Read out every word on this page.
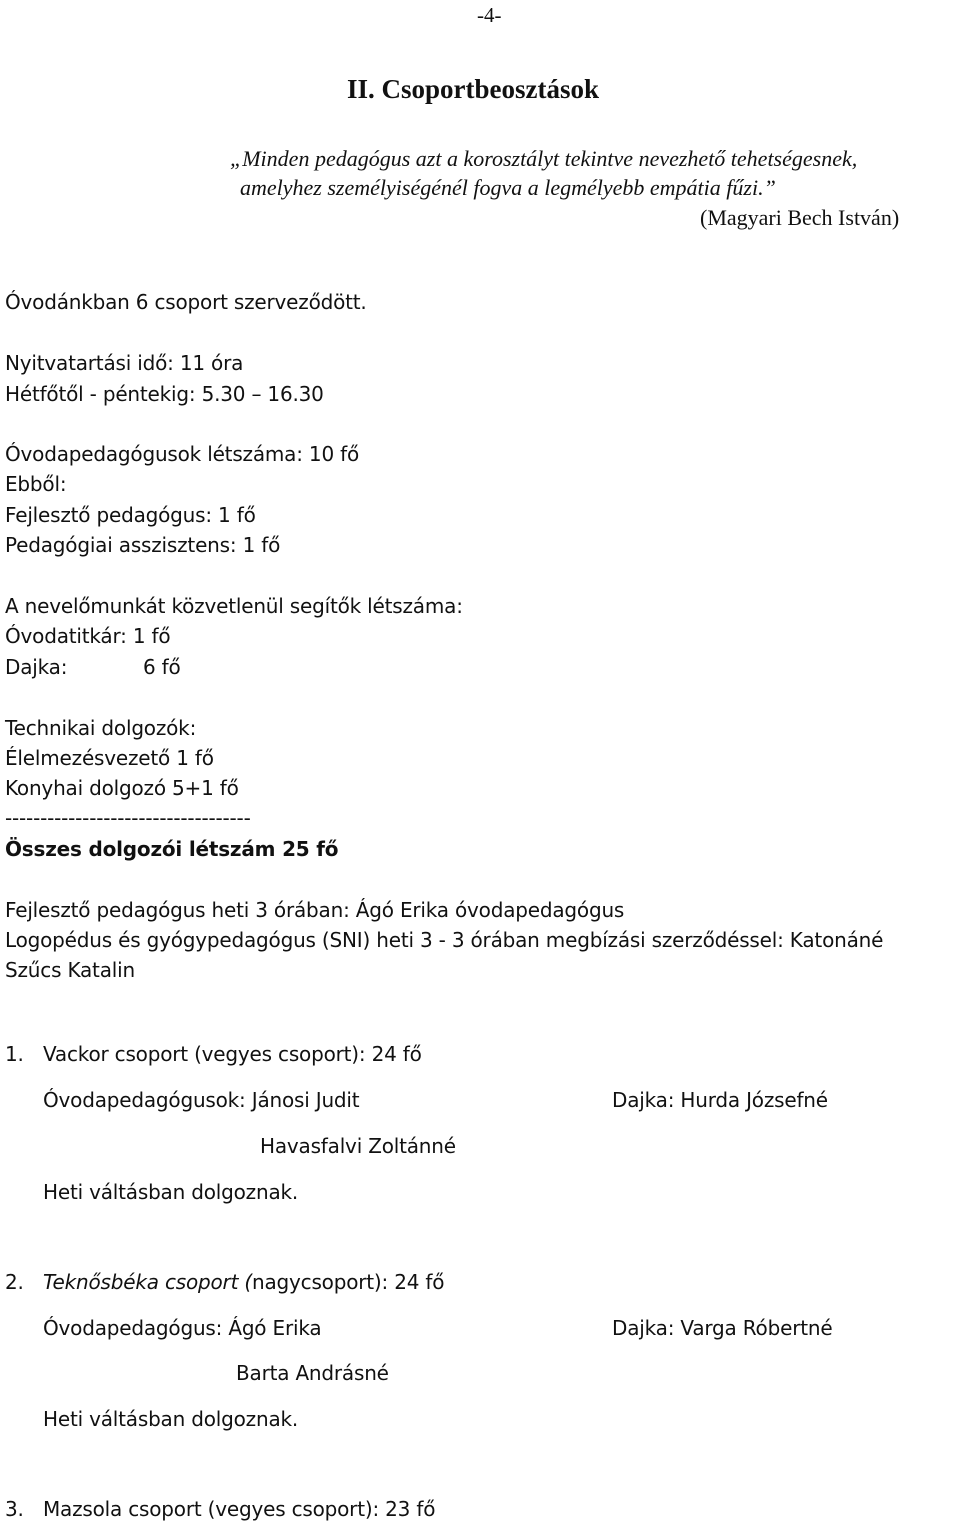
-4-
II. Csoportbeosztások
„Minden pedagógus azt a korosztályt tekintve nevezhető tehetségesnek,
amelyhez személyiségénél fogva a legmélyebb empátia fűzi.”
(Magyari Bech István)
Óvodánkban 6 csoport szerveződött.
Nyitvatartási idő: 11 óra
Hétfőtől - péntekig: 5.30 – 16.30
Óvodapedagógusok létszáma: 10 fő
Ebből:
Fejlesztő pedagógus: 1 fő
Pedagógiai asszisztens: 1 fő
A nevelőmunkát közvetlenül segítők létszáma:
Óvodatitkár: 1 fő
Dajka:	6 fő
Technikai dolgozók:
Élelmezésvezető 1 fő
Konyhai dolgozó 5+1 fő
-----------------------------------
Összes dolgozói létszám 25 fő
Fejlesztő pedagógus heti 3 órában: Ágó Erika óvodapedagógus
Logopédus és gyógypedagógus (SNI) heti 3 - 3 órában megbízási szerződéssel: Katonáné
Szűcs Katalin
1. Vackor csoport (vegyes csoport): 24 fő
Óvodapedagógusok: Jánosi Judit	Dajka: Hurda Józsefné
Havasfalvi Zoltánné
Heti váltásban dolgoznak.
2. Teknősbéka csoport (nagycsoport): 24 fő
Óvodapedagógus: Ágó Erika	Dajka: Varga Róbertné
Barta Andrásné
Heti váltásban dolgoznak.
3. Mazsola csoport (vegyes csoport): 23 fő
